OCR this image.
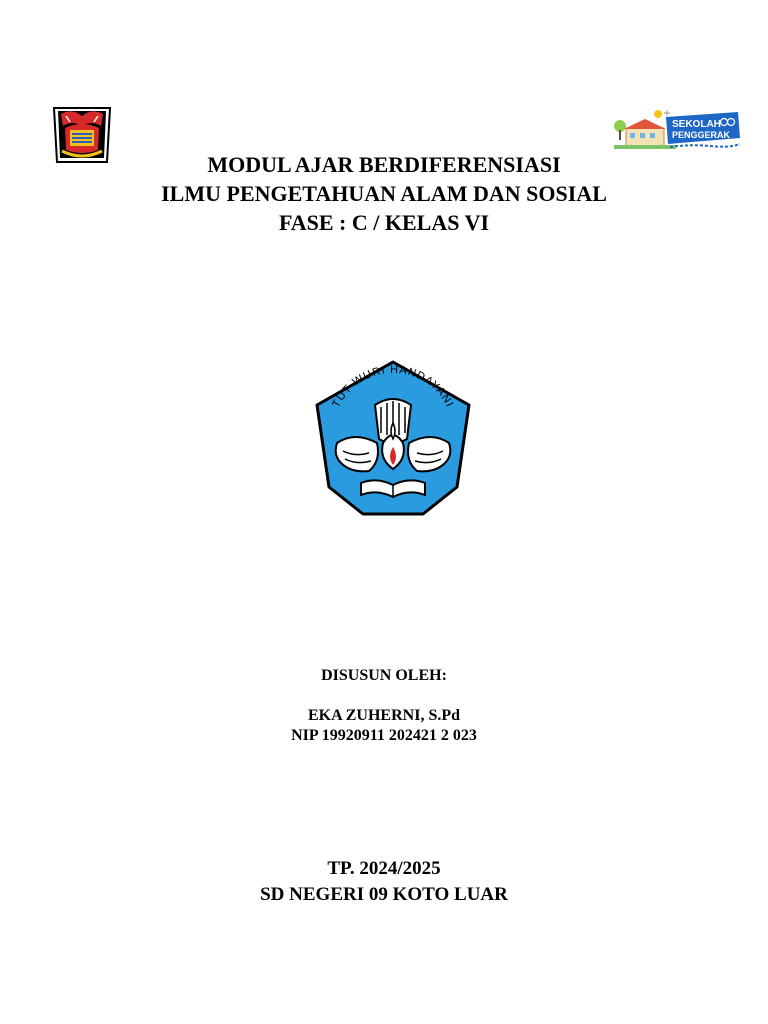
SEKOLAH
PENGGERAK
MODUL AJAR BERDIFERENSIASI
ILMU PENGETAHUAN ALAM DAN SOSIAL
FASE : C / KELAS VI
TUT WURI HANDAYANI
DISUSUN OLEH:
EKA ZUHERNI, S.Pd
NIP 19920911 202421 2 023
TP. 2024/2025
SD NEGERI 09 KOTO LUAR
